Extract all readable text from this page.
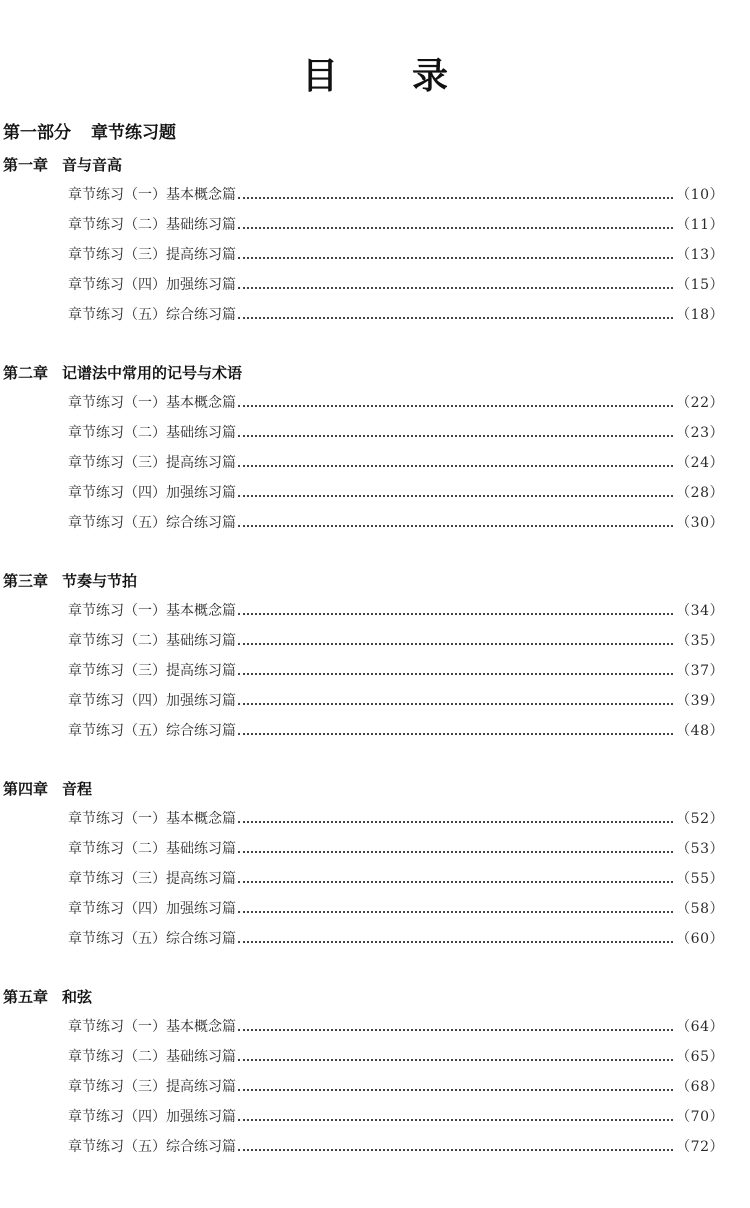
目 录
第一部分 章节练习题
第一章 音与音高
章节练习（一）基本概念篇	（10）
章节练习（二）基础练习篇	（11）
章节练习（三）提高练习篇	（13）
章节练习（四）加强练习篇	（15）
章节练习（五）综合练习篇	（18）
第二章 记谱法中常用的记号与术语
章节练习（一）基本概念篇	（22）
章节练习（二）基础练习篇	（23）
章节练习（三）提高练习篇	（24）
章节练习（四）加强练习篇	（28）
章节练习（五）综合练习篇	（30）
第三章 节奏与节拍
章节练习（一）基本概念篇	（34）
章节练习（二）基础练习篇	（35）
章节练习（三）提高练习篇	（37）
章节练习（四）加强练习篇	（39）
章节练习（五）综合练习篇	（48）
第四章 音程
章节练习（一）基本概念篇	（52）
章节练习（二）基础练习篇	（53）
章节练习（三）提高练习篇	（55）
章节练习（四）加强练习篇	（58）
章节练习（五）综合练习篇	（60）
第五章 和弦
章节练习（一）基本概念篇	（64）
章节练习（二）基础练习篇	（65）
章节练习（三）提高练习篇	（68）
章节练习（四）加强练习篇	（70）
章节练习（五）综合练习篇	（72）
